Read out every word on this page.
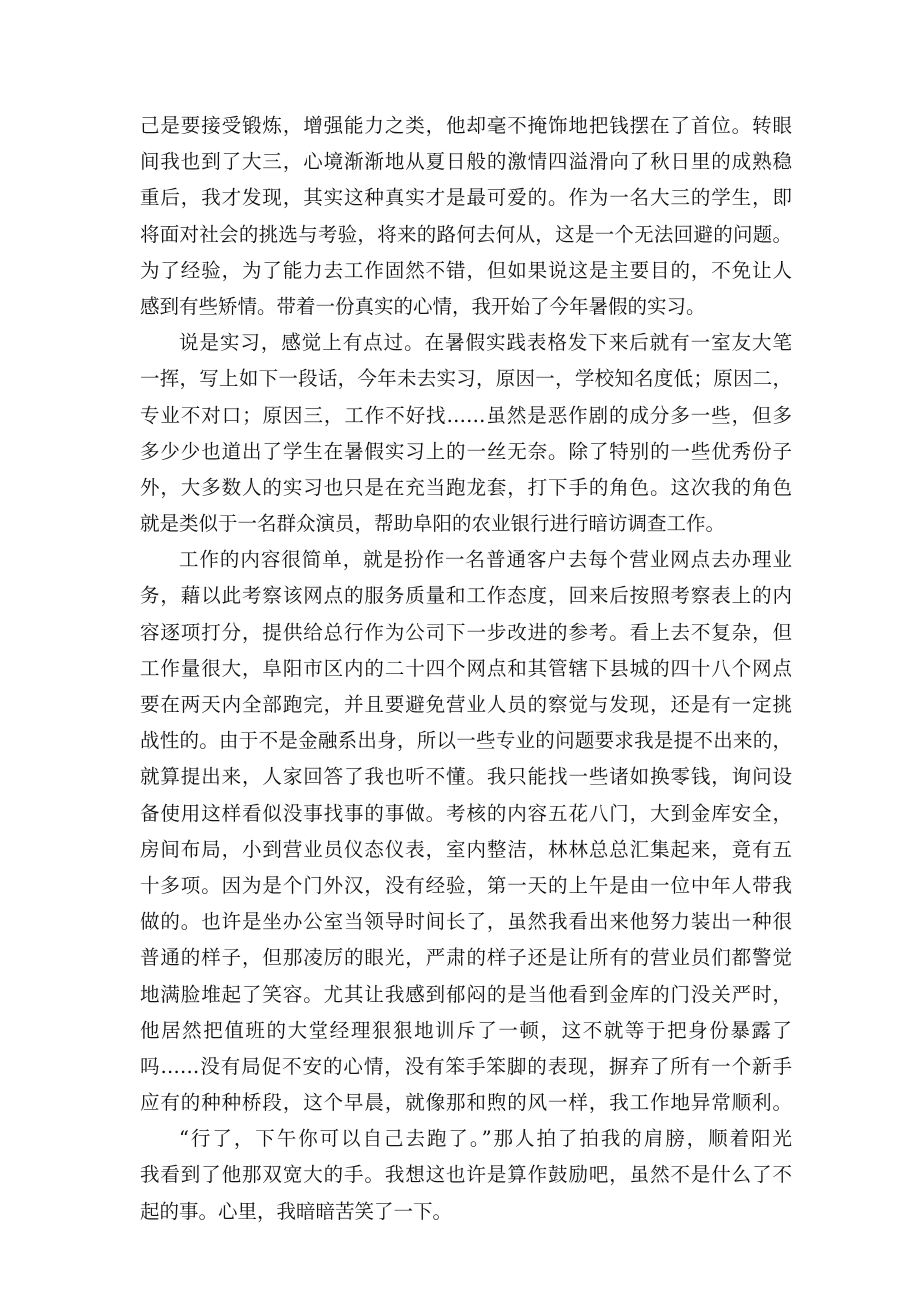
己是要接受锻炼，增强能力之类，他却毫不掩饰地把钱摆在了首位。转眼
间我也到了大三，心境渐渐地从夏日般的激情四溢滑向了秋日里的成熟稳
重后，我才发现，其实这种真实才是最可爱的。作为一名大三的学生，即
将面对社会的挑选与考验，将来的路何去何从，这是一个无法回避的问题。
为了经验，为了能力去工作固然不错，但如果说这是主要目的，不免让人
感到有些矫情。带着一份真实的心情，我开始了今年暑假的实习。
说是实习，感觉上有点过。在暑假实践表格发下来后就有一室友大笔
一挥，写上如下一段话，今年未去实习，原因一，学校知名度低；原因二，
专业不对口；原因三，工作不好找……虽然是恶作剧的成分多一些，但多
多少少也道出了学生在暑假实习上的一丝无奈。除了特别的一些优秀份子
外，大多数人的实习也只是在充当跑龙套，打下手的角色。这次我的角色
就是类似于一名群众演员，帮助阜阳的农业银行进行暗访调查工作。
工作的内容很简单，就是扮作一名普通客户去每个营业网点去办理业
务，藉以此考察该网点的服务质量和工作态度，回来后按照考察表上的内
容逐项打分，提供给总行作为公司下一步改进的参考。看上去不复杂，但
工作量很大，阜阳市区内的二十四个网点和其管辖下县城的四十八个网点
要在两天内全部跑完，并且要避免营业人员的察觉与发现，还是有一定挑
战性的。由于不是金融系出身，所以一些专业的问题要求我是提不出来的，
就算提出来，人家回答了我也听不懂。我只能找一些诸如换零钱，询问设
备使用这样看似没事找事的事做。考核的内容五花八门，大到金库安全，
房间布局，小到营业员仪态仪表，室内整洁，林林总总汇集起来，竟有五
十多项。因为是个门外汉，没有经验，第一天的上午是由一位中年人带我
做的。也许是坐办公室当领导时间长了，虽然我看出来他努力装出一种很
普通的样子，但那凌厉的眼光，严肃的样子还是让所有的营业员们都警觉
地满脸堆起了笑容。尤其让我感到郁闷的是当他看到金库的门没关严时，
他居然把值班的大堂经理狠狠地训斥了一顿，这不就等于把身份暴露了
吗……没有局促不安的心情，没有笨手笨脚的表现，摒弃了所有一个新手
应有的种种桥段，这个早晨，就像那和煦的风一样，我工作地异常顺利。
“行了，下午你可以自己去跑了。”那人拍了拍我的肩膀，顺着阳光
我看到了他那双宽大的手。我想这也许是算作鼓励吧，虽然不是什么了不
起的事。心里，我暗暗苦笑了一下。
